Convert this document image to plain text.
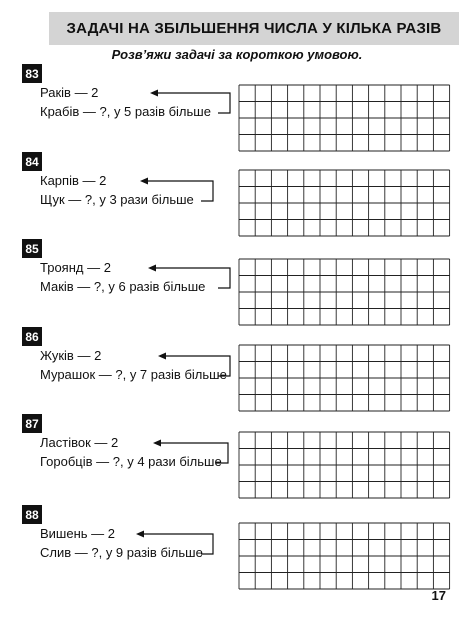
ЗАДАЧІ НА ЗБІЛЬШЕННЯ ЧИСЛА У КІЛЬКА РАЗІВ
Розв’яжи задачі за короткою умовою.
83
Раків — 2
Крабів — ?, у 5 разів більше
84
Карпів — 2
Щук — ?, у 3 рази більше
85
Троянд — 2
Маків — ?, у 6 разів більше
86
Жуків — 2
Мурашок — ?, у 7 разів більше
87
Ластівок — 2
Горобців — ?, у 4 рази більше
88
Вишень — 2
Слив — ?, у 9 разів більше
17
